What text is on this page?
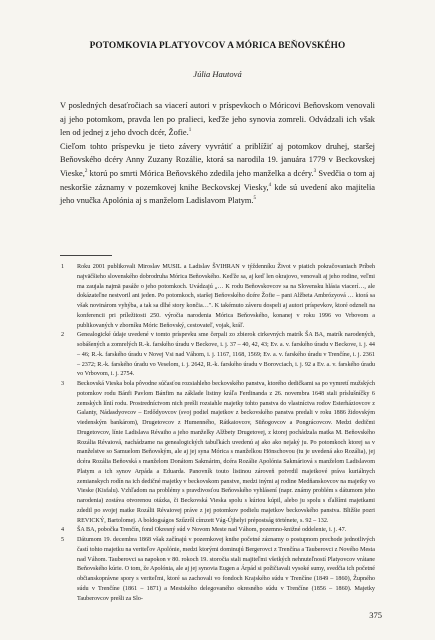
POTOMKOVIA PLATYOVCOV A MÓRICA BEŇOVSKÉHO
Júlia Hautová

V posledných desaťročiach sa viacerí autori v príspevkoch o Móricovi Beňovskom venovali aj jeho potomkom, pravda len po pralieci, keďže jeho synovia zomreli. Odvádzali ich však len od jednej z jeho dvoch dcér, Žofie.$^1$

Cieľom tohto príspevku je tieto závery vyvrátiť a priblížiť aj potomkov druhej, staršej Beňovského dcéry Anny Zuzany Rozálie, ktorá sa narodila 19. januára 1779 v Beckovskej Vieske,$^2$ ktorú po smrti Mórica Beňovského zdedila jeho manželka a dcéry.$^3$ Svedčia o tom aj neskoršie záznamy v pozemkovej knihe Beckovskej Viesky,$^4$ kde sú uvedení ako majitelia jeho vnučka Apolónia aj s manželom Ladislavom Platym.$^5$

1 Roku 2001 publikovali Miroslav MUSIL a Ladislav ŠVIHRAN v týždenníku Život v piatich pokračovaniach Príbeh najväčšieho slovenského dobrodruha Mórica Beňovského. Keďže sa, aj keď len okrajovo, venovali aj jeho rodine, veľmi ma zaujala najmä pasáže o jeho potomkoch. Uvádzajú „… K rodu Beňovskovcov sa na Slovensku hlásia viacerí…, ale dokázateľne nestvoril ani jeden. Po potomkoch, staršej Beňovského dcére Žofie – pani Alžbeta Ambrózyová … ktorá sa však novinárom vyhýba, a tak sa dlhé story končia…". K takémuto záveru dospeli aj autori príspevkov, ktoré odzneli na konferencii pri príležitosti 250. výročia narodenia Mórica Beňovského, konanej v roku 1996 vo Vrbovom a publikovaných v zborníku Móric Beňovský, cestovateľ, vojak, kráľ.

2 Genealogické údaje uvedené v tomto príspevku sme čerpali zo zbierok cirkevných matrík ŠA BA, matrík narodených, sobášených a zomrelých R.-k. farského úradu v Beckove, i. j. 37 – 40, 42, 43; Ev. a. v. farského úradu v Beckove, i. j. 44 – 46; R.-k. farského úradu v Novej Vsi nad Váhom, i. j. 1167, 1168, 1569; Ev. a. v. farského úradu v Trenčíne, i. j. 2361 – 2372; R.-k. farského úradu vo Veselom, i. j. 2642, R.-k. farského úradu v Borovciach, i. j. 92 a Ev. a. v. farského úradu vo Vrbovom, i. j. 2754.

3 Beckovská Vieska bola pôvodne súčasťou rozsiahleho beckovského panstva, ktorého dedičkami sa po vymretí mužských potomkov rodu Bánfi Pavlom Bánfim na základe listiny kráľa Ferdinanda z 26. novembra 1648 stali príslušníčky 6 zemských línií rodu. Prostredníctvom nich prešli rozsiahle majetky tohto panstva do vlastníctva rodov Esterháziovcov z Galanty, Nádasdyovcov – Erdődyovcov (svoj podiel majetkov z beckovského panstva predali v roku 1886 židovským viedenským bankárom), Drugetovcov z Humenného, Rátkaiovcov, Süňogovcov a Pongrácovcov. Medzi dedičmi Drugetovcov, línie Ladislava Révaiho a jeho manželky Alžbety Drugetovej, z ktorej pochádzala matka M. Beňovského Rozália Révaiová, nachádzame na genealogických tabuľkách uvedenú aj ako ako nejaký ju. Po potomkoch ktorej sa v manželstve so Samuelom Beňovským, ale aj jej syna Mórica s manželkou Hönschovou (tu je uvedená ako Rozália), jej dcéra Rozália Beňovská s manželom Donátom Sakmárim, dcéra Rozálie Apolónia Sakmáriová s manželom Ladislavom Platym a ich synov Arpáda a Eduarda. Panovník touto listinou zároveň potvrdil majetkové práva kuriálnych zemianskych rodín na ich dedičné majetky v beckovskom panstve, medzi inými aj rodine Medňanskovcov na majetky vo Vieske (Kisfalu). Vzhľadom na problémy s pravdivosťou Beňovského vyhlásení (napr. známy problém s dátumom jeho narodenia) zostáva otvorenou otázka, či Beckovská Vieska spolu s kúriou kúpil, alebo ju spolu s ďalšími majetkami zdedil po svojej matke Rozálii Révaiovej práve z jej potomkov podielu majetkov beckovského panstva. Bližšie pozri REVICKÝ, Bartolomej. A boldogságos Szűzről címzett Vág-Újhelyi prépostság története, s. 92 – 132.

4 ŠA BA, pobočka Trenčín, fond Okresný súd v Novom Meste nad Váhom, pozemno-knižné oddelenie, i. j. 47.

5 Dátumom 19. decembra 1868 však začínajú v pozemkovej knihe početné záznamy o postupnom prechode jednotlivých častí tohto majetku na veriteľov Apolónie, medzi ktorými dominujú Bergerovci z Trenčína a Tauberovci z Nového Mesta nad Váhom. Tauberovci sa napokon v 80. rokoch 19. storočia stali majiteľmi všetkých nehnuteľností Platyovcov vrátane Beňovského kúrie. O tom, že Apolónia, ale aj jej synovia Eugen a Árpád si požičiavali vysoké sumy, svedčia ich početné občianskoprávne spory s veriteľmi, ktoré sa zachovali vo fondoch Krajského súdu v Trenčíne (1849 – 1860), Župného súdu v Trenčíne (1861 – 1871) a Mestského delegovaného okresného súdu v Trenčíne (1856 – 1860). Majetky Tauberovcov prešli za Slo-

375
